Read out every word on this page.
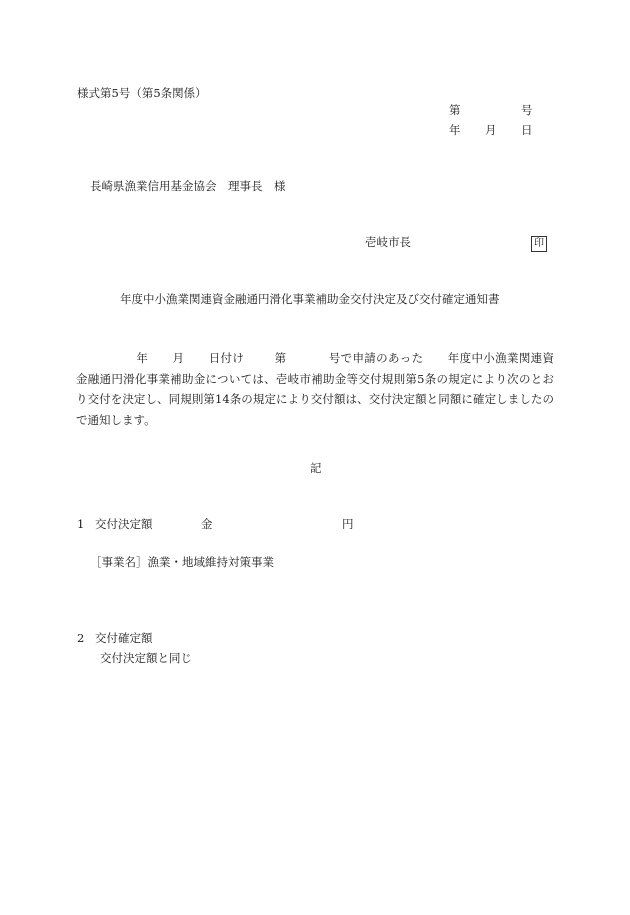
様式第5号（第5条関係）
第	号
年 月 日
長崎県漁業信用基金協会　理事長　様
壱岐市長	印
年度中小漁業関連資金融通円滑化事業補助金交付決定及び交付確定通知書
年 月 日付け	第	号で申請のあった 年度中小漁業関連資金融通円滑化事業補助金については、壱岐市補助金等交付規則第5条の規定により次のとおり交付を決定し、同規則第14条の規定により交付額は、交付決定額と同額に確定しましたので通知します。
記
1 交付決定額	金	円
［事業名］漁業・地域維持対策事業
2 交付確定額
交付決定額と同じ
